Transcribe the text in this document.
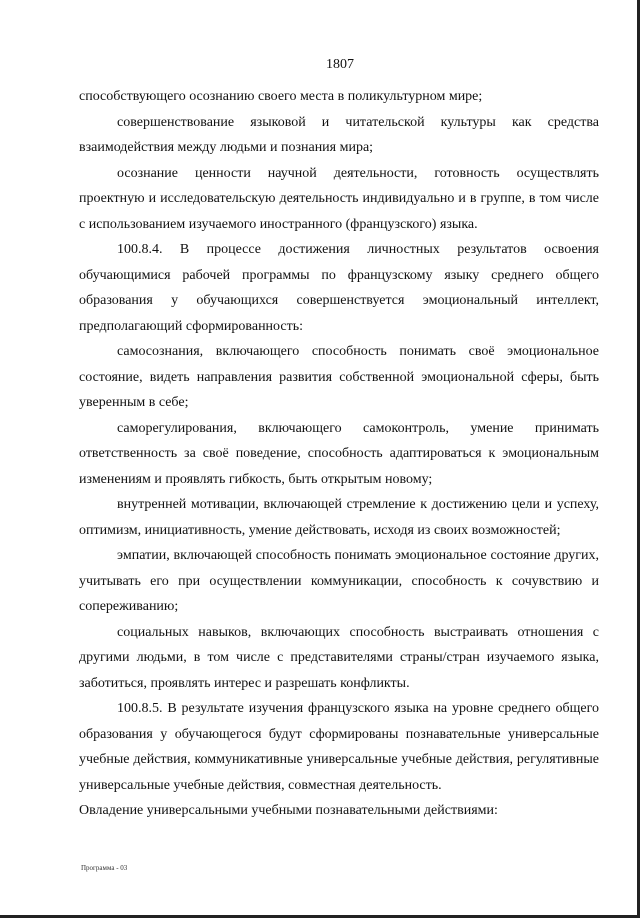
1807

способствующего осознанию своего места в поликультурном мире;

совершенствование языковой и читательской культуры как средства взаимодействия между людьми и познания мира;

осознание ценности научной деятельности, готовность осуществлять проектную и исследовательскую деятельность индивидуально и в группе, в том числе с использованием изучаемого иностранного (французского) языка.

100.8.4. В процессе достижения личностных результатов освоения обучающимися рабочей программы по французскому языку среднего общего образования у обучающихся совершенствуется эмоциональный интеллект, предполагающий сформированность:

самосознания, включающего способность понимать своё эмоциональное состояние, видеть направления развития собственной эмоциональной сферы, быть уверенным в себе;

саморегулирования, включающего самоконтроль, умение принимать ответственность за своё поведение, способность адаптироваться к эмоциональным изменениям и проявлять гибкость, быть открытым новому;

внутренней мотивации, включающей стремление к достижению цели и успеху, оптимизм, инициативность, умение действовать, исходя из своих возможностей;

эмпатии, включающей способность понимать эмоциональное состояние других, учитывать его при осуществлении коммуникации, способность к сочувствию и сопереживанию;

социальных навыков, включающих способность выстраивать отношения с другими людьми, в том числе с представителями страны/стран изучаемого языка, заботиться, проявлять интерес и разрешать конфликты.

100.8.5. В результате изучения французского языка на уровне среднего общего образования у обучающегося будут сформированы познавательные универсальные учебные действия, коммуникативные универсальные учебные действия, регулятивные универсальные учебные действия, совместная деятельность.

Овладение универсальными учебными познавательными действиями:

Программа - 03
